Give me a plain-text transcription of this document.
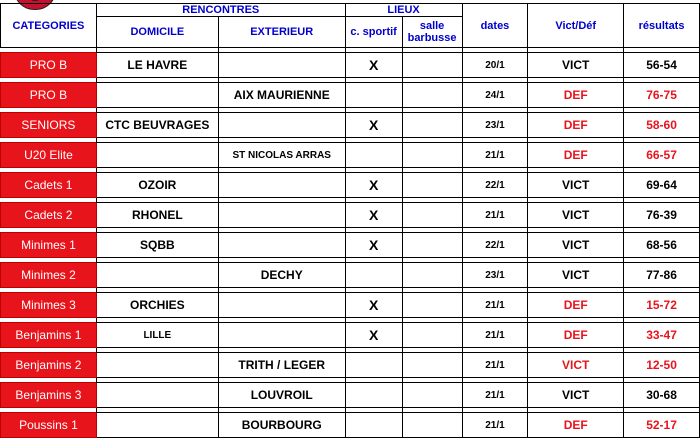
CATEGORIES	RENCONTRES		LIEUX		dates	Vict/Déf	résultats
	DOMICILE	EXTERIEUR	c. sportif	salle barbusse			

PRO B	LE HAVRE		X		20/1	VICT	56-54

PRO B		AIX MAURIENNE			24/1	DEF	76-75

SENIORS	CTC BEUVRAGES		X		23/1	DEF	58-60

U20 Elite		ST NICOLAS ARRAS			21/1	DEF	66-57

Cadets 1	OZOIR		X		22/1	VICT	69-64

Cadets 2	RHONEL		X		21/1	VICT	76-39

Minimes 1	SQBB		X		22/1	VICT	68-56

Minimes 2		DECHY			23/1	VICT	77-86

Minimes 3	ORCHIES		X		21/1	DEF	15-72

Benjamins 1	LILLE		X		21/1	DEF	33-47

Benjamins 2		TRITH / LEGER			21/1	VICT	12-50

Benjamins 3		LOUVROIL			21/1	VICT	30-68

Poussins 1		BOURBOURG			21/1	DEF	52-17
